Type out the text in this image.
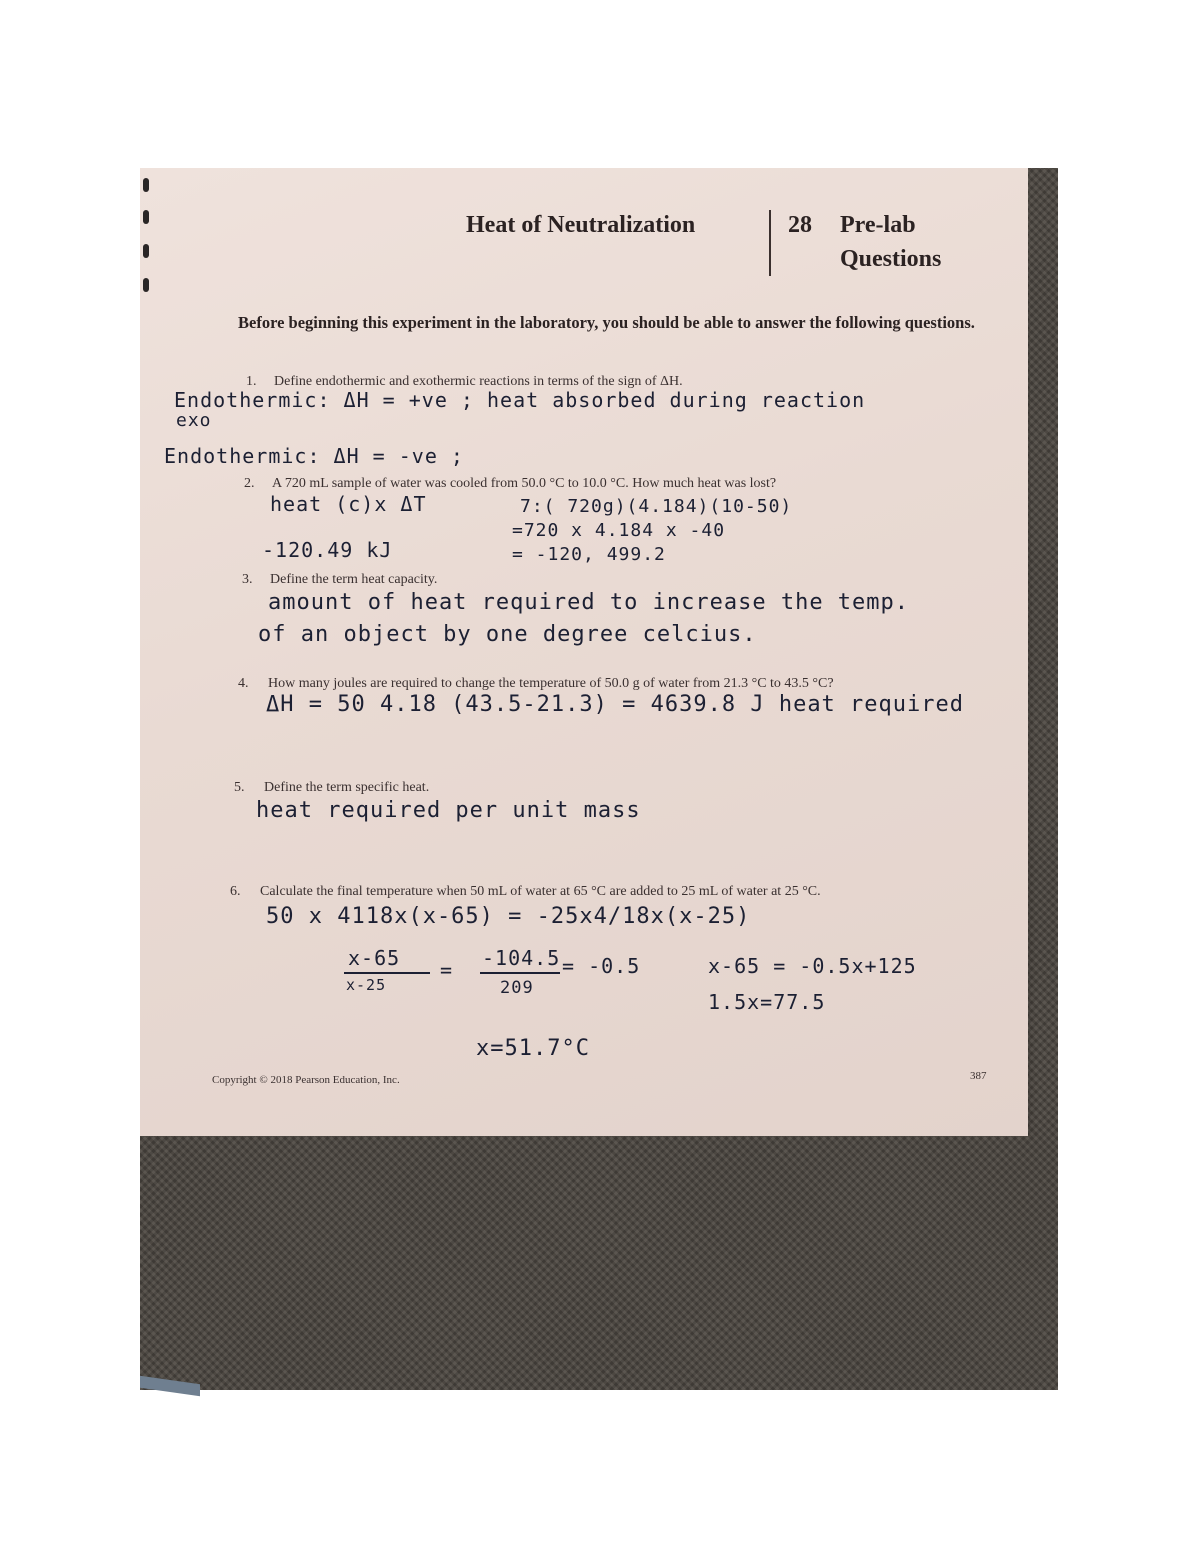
Heat of Neutralization	28 Pre-lab
Questions
Before beginning this experiment in the laboratory, you should be able to answer the following questions.
1. Define endothermic and exothermic reactions in terms of the sign of ΔH.
Endothermic: ΔH = +ve ; heat absorbed during reaction
exo
Endothermic: ΔH = -ve ;
2. A 720 mL sample of water was cooled from 50.0 °C to 10.0 °C. How much heat was lost?
heat (c)x ΔT	7:( 720g)(4.184)(10-50)
=720 x 4.184 x -40
-120.49 kJ	= -120, 499.2
3. Define the term heat capacity.
amount of heat required to increase the temp.
of an object by one degree celcius.
4. How many joules are required to change the temperature of 50.0 g of water from 21.3 °C to 43.5 °C?
ΔH = 50 4.18 (43.5-21.3) = 4639.8 J heat required
5. Define the term specific heat.
heat required per unit mass
6. Calculate the final temperature when 50 mL of water at 65 °C are added to 25 mL of water at 25 °C.
50 x 4118x(x-65) = -25x4/18x(x-25)
x-65
x-25
= -104.5
209
= -0.5	x-65 = -0.5x+125
1.5x=77.5
x=51.7°C
Copyright © 2018 Pearson Education, Inc.	387
